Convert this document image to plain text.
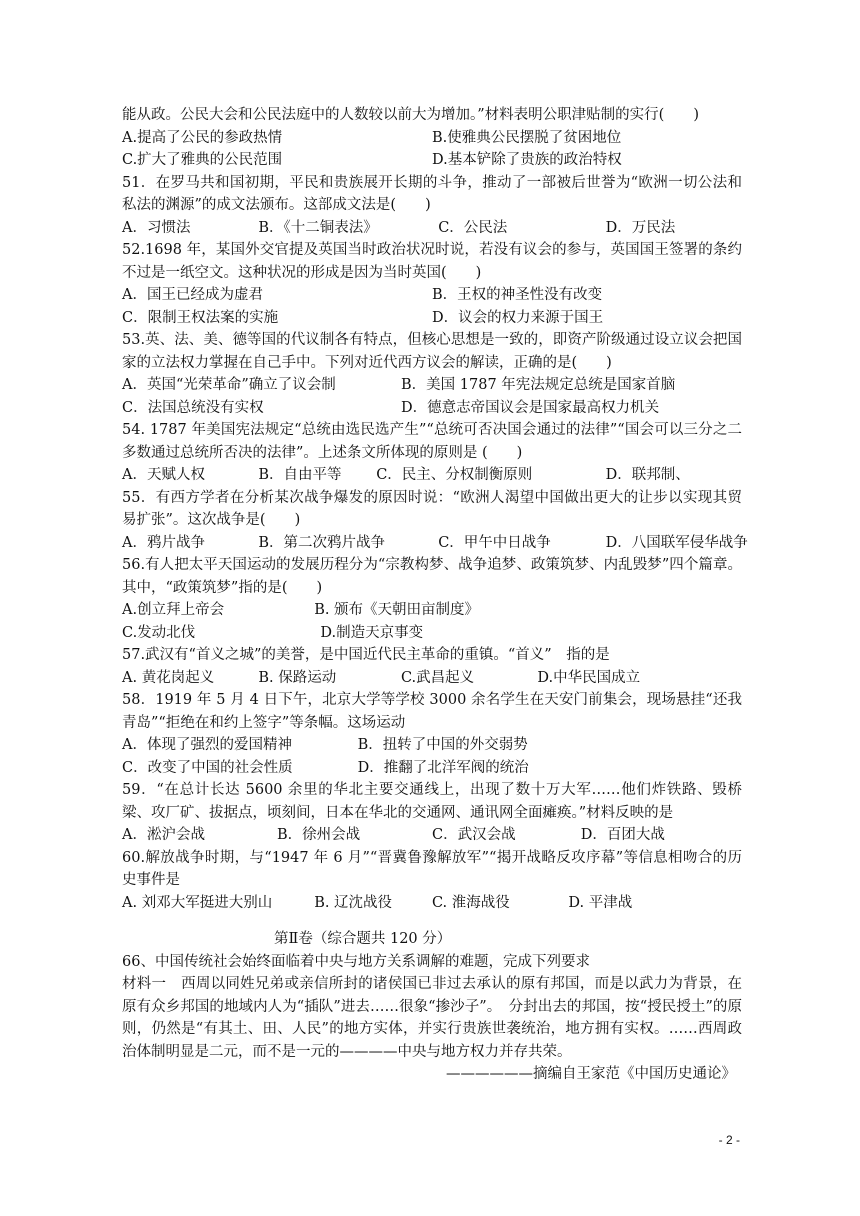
能从政。公民大会和公民法庭中的人数较以前大为增加。”材料表明公职津贴制的实行(　　)

A.提高了公民的参政热情	B.使雅典公民摆脱了贫困地位
C.扩大了雅典的公民范围	D.基本铲除了贵族的政治特权

51．在罗马共和国初期，平民和贵族展开长期的斗争，推动了一部被后世誉为“欧洲一切公法和私法的渊源”的成文法颁布。这部成文法是(　　)

A．习惯法	B．《十二铜表法》	C．公民法	D．万民法

52.1698 年，某国外交官提及英国当时政治状况时说，若没有议会的参与，英国国王签署的条约不过是一纸空文。这种状况的形成是因为当时英国(　　)

A．国王已经成为虚君	B．王权的神圣性没有改变
C．限制王权法案的实施	D．议会的权力来源于国王

53.英、法、美、德等国的代议制各有特点，但核心思想是一致的，即资产阶级通过设立议会把国家的立法权力掌握在自己手中。下列对近代西方议会的解读，正确的是(　　)

A．英国“光荣革命”确立了议会制	B．美国 1787 年宪法规定总统是国家首脑
C．法国总统没有实权	D．德意志帝国议会是国家最高权力机关

54. 1787 年美国宪法规定“总统由选民选产生”“总统可否决国会通过的法律”“国会可以三分之二多数通过总统所否决的法律”。上述条文所体现的原则是 (　　)

A．天赋人权	B．自由平等	C．民主、分权制衡原则	D．联邦制、

55．有西方学者在分析某次战争爆发的原因时说：“欧洲人渴望中国做出更大的让步以实现其贸易扩张”。这次战争是(　　)

A．鸦片战争	B．第二次鸦片战争	C．甲午中日战争	D．八国联军侵华战争

56.有人把太平天国运动的发展历程分为“宗教构梦、战争追梦、政策筑梦、内乱毁梦”四个篇章。其中，“政策筑梦”指的是(　　)

A.创立拜上帝会	B. 颁布《天朝田亩制度》
C.发动北伐	D.制造天京事变

57.武汉有“首义之城”的美誉，是中国近代民主革命的重镇。“首义”　指的是

A. 黄花岗起义	B. 保路运动	C.武昌起义	D.中华民国成立

58．1919 年 5 月 4 日下午，北京大学等学校 3000 余名学生在天安门前集会，现场悬挂“还我青岛”“拒绝在和约上签字”等条幅。这场运动

A．体现了强烈的爱国精神	B．扭转了中国的外交弱势
C．改变了中国的社会性质	D．推翻了北洋军阀的统治

59．“在总计长达 5600 余里的华北主要交通线上，出现了数十万大军……他们炸铁路、毁桥梁、攻厂矿、拔据点，顷刻间，日本在华北的交通网、通讯网全面瘫痪。”材料反映的是

A．淞沪会战	B．徐州会战	C．武汉会战	D．百团大战

60.解放战争时期，与“1947 年 6 月”“晋冀鲁豫解放军”“揭开战略反攻序幕”等信息相吻合的历史事件是

A. 刘邓大军挺进大别山	B. 辽沈战役	C. 淮海战役	D. 平津战

第Ⅱ卷（综合题共 120 分）

66、中国传统社会始终面临着中央与地方关系调解的难题，完成下列要求

材料一　西周以同姓兄弟或亲信所封的诸侯国已非过去承认的原有邦国，而是以武力为背景，在原有众乡邦国的地域内人为“插队”进去……很象“掺沙子”。　分封出去的邦国，按“授民授土”的原则，仍然是“有其土、田、人民”的地方实体，并实行贵族世袭统治，地方拥有实权。……西周政治体制明显是二元，而不是一元的————中央与地方权力并存共荣。

——————摘编自王家范《中国历史通论》

- 2 -
